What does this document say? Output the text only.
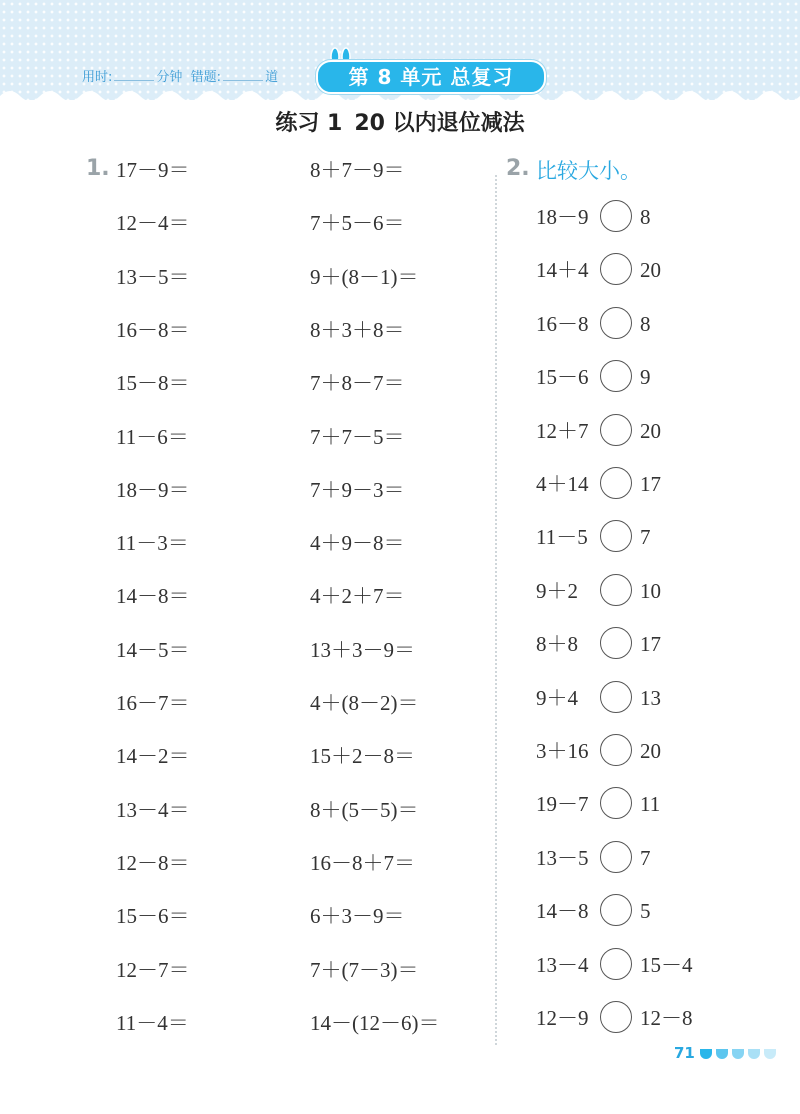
用时:	分钟 错题:	道	第 8 单元 总复习
练习 1 20 以内退位减法
1.	2. 比较大小。
17－9＝
12－4＝
13－5＝
16－8＝
15－8＝
11－6＝
18－9＝
11－3＝
14－8＝
14－5＝
16－7＝
14－2＝
13－4＝
12－8＝
15－6＝
12－7＝
11－4＝
8＋7－9＝
7＋5－6＝
9＋(8－1)＝
8＋3＋8＝
7＋8－7＝
7＋7－5＝
7＋9－3＝
4＋9－8＝
4＋2＋7＝
13＋3－9＝
4＋(8－2)＝
15＋2－8＝
8＋(5－5)＝
16－8＋7＝
6＋3－9＝
7＋(7－3)＝
14－(12－6)＝
18－9 8
14＋4 20
16－8 8
15－6 9
12＋7 20
4＋14 17
11－5 7
9＋2	10
8＋8	17
9＋4	13
3＋16 20
19－7 11
13－5 7
14－8 5
13－4 15－4
12－9 12－8
71
